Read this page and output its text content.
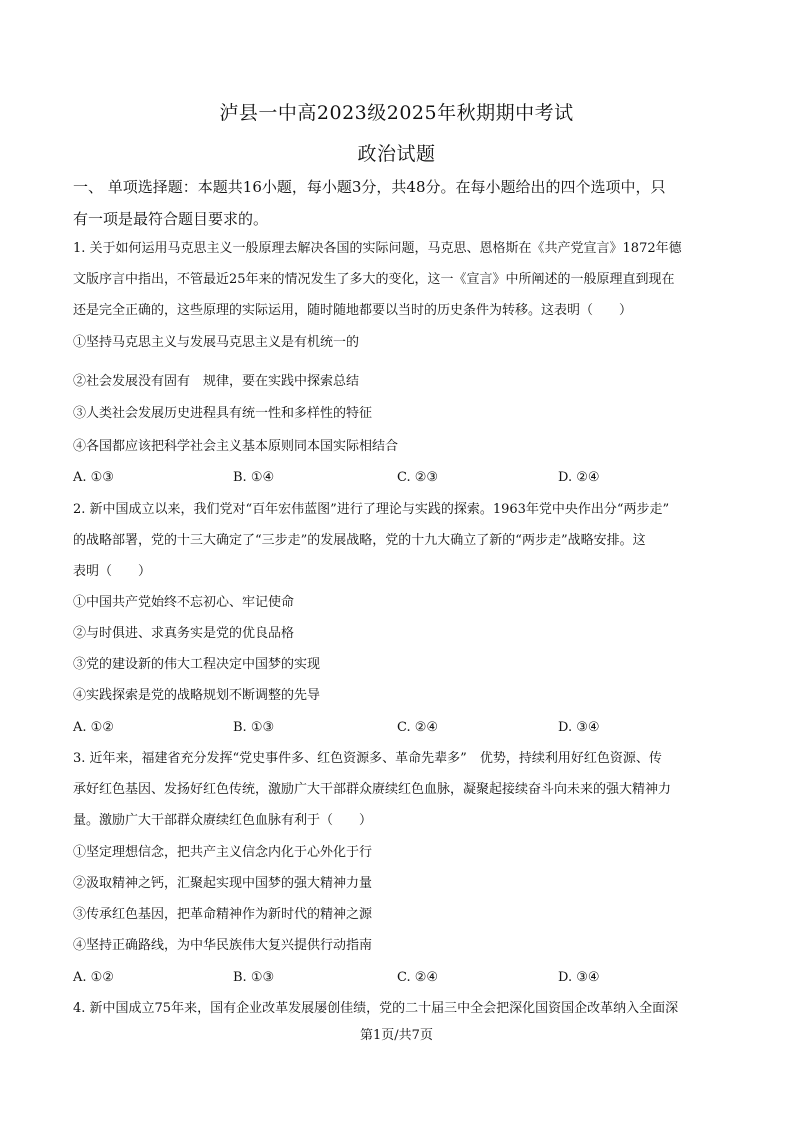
泸县一中高2023级2025年秋期期中考试
政治试题
一、 单项选择题：本题共16小题，每小题3分，共48分。在每小题给出的四个选项中，只
有一项是最符合题目要求的。
1. 关于如何运用马克思主义一般原理去解决各国的实际问题，马克思、恩格斯在《共产党宣言》1872年德
文版序言中指出，不管最近25年来的情况发生了多大的变化，这一《宣言》中所阐述的一般原理直到现在
还是完全正确的，这些原理的实际运用，随时随地都要以当时的历史条件为转移。这表明（　　）
①坚持马克思主义与发展马克思主义是有机统一的
②社会发展没有固有　规律，要在实践中探索总结
③人类社会发展历史进程具有统一性和多样性的特征
④各国都应该把科学社会主义基本原则同本国实际相结合
A. ①③	B. ①④	C. ②③	D. ②④
2. 新中国成立以来，我们党对“百年宏伟蓝图”进行了理论与实践的探索。1963年党中央作出分“两步走”
的战略部署，党的十三大确定了“三步走”的发展战略，党的十九大确立了新的“两步走”战略安排。这
表明（　　）
①中国共产党始终不忘初心、牢记使命
②与时俱进、求真务实是党的优良品格
③党的建设新的伟大工程决定中国梦的实现
④实践探索是党的战略规划不断调整的先导
A. ①②	B. ①③	C. ②④	D. ③④
3. 近年来，福建省充分发挥“党史事件多、红色资源多、革命先辈多”　优势，持续利用好红色资源、传
承好红色基因、发扬好红色传统，激励广大干部群众赓续红色血脉，凝聚起接续奋斗向未来的强大精神力
量。激励广大干部群众赓续红色血脉有利于（　　）
①坚定理想信念，把共产主义信念内化于心外化于行
②汲取精神之钙，汇聚起实现中国梦的强大精神力量
③传承红色基因，把革命精神作为新时代的精神之源
④坚持正确路线，为中华民族伟大复兴提供行动指南
A. ①②	B. ①③	C. ②④	D. ③④
4. 新中国成立75年来，国有企业改革发展屡创佳绩，党的二十届三中全会把深化国资国企改革纳入全面深
第1页/共7页
